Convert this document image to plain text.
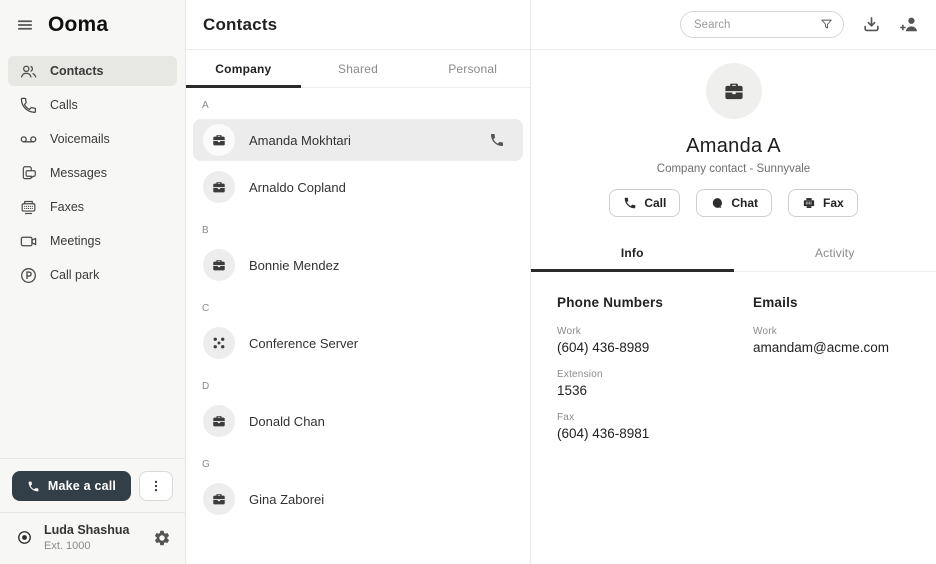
Ooma
Contacts
Calls
Voicemails
Messages
Faxes
Meetings
Call park
Make a call
Luda Shashua
Ext. 1000
Contacts
Company	Shared	Personal
A
Amanda Mokhtari
Arnaldo Copland
B
Bonnie Mendez
C
Conference Server
D
Donald Chan
G
Gina Zaborei
Search
Amanda A
Company contact - Sunnyvale
Call	Chat	Fax
Info	Activity
Phone Numbers
Work
(604) 436-8989
Extension
1536
Fax
(604) 436-8981
Emails
Work
amandam@acme.com
